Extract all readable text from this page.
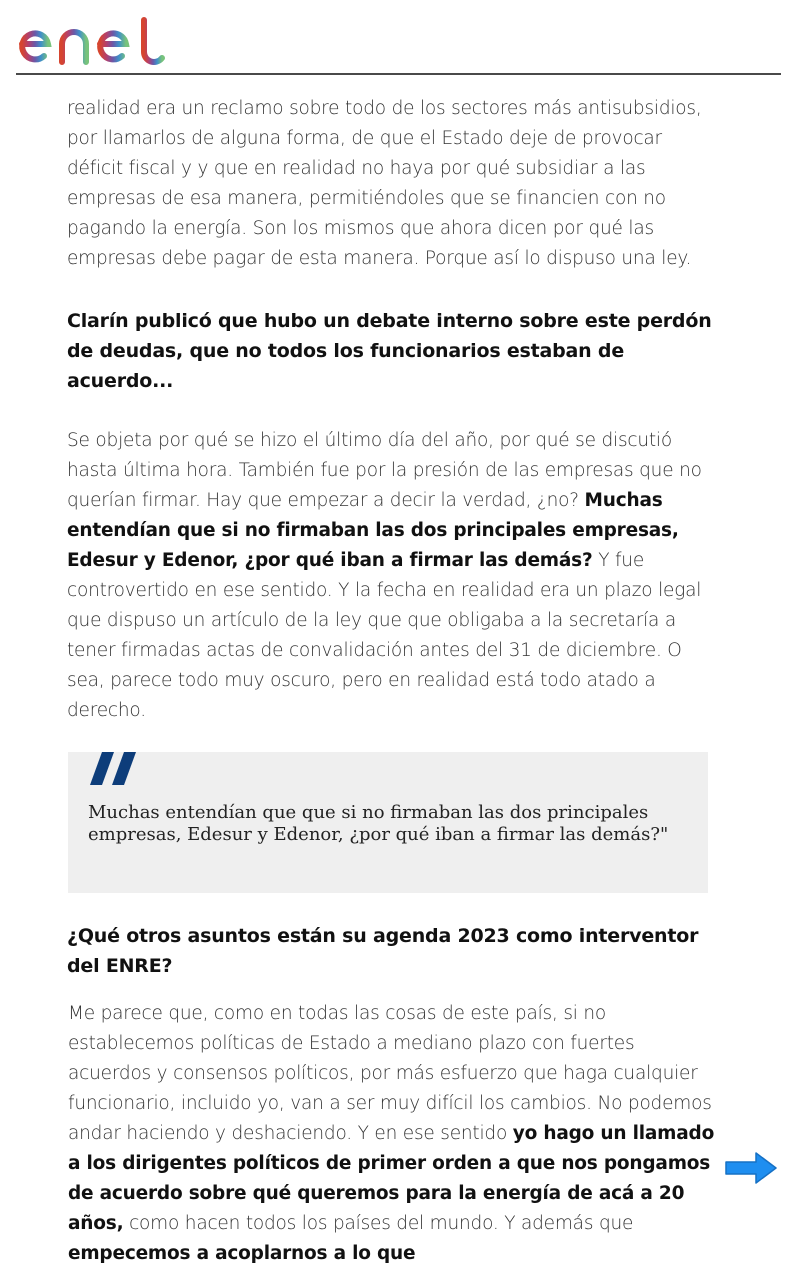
realidad era un reclamo sobre todo de los sectores más antisubsidios, por llamarlos de alguna forma, de que el Estado deje de provocar déficit fiscal y y que en realidad no haya por qué subsidiar a las empresas de esa manera, permitiéndoles que se financien con no pagando la energía. Son los mismos que ahora dicen por qué las empresas debe pagar de esta manera. Porque así lo dispuso una ley.

Clarín publicó que hubo un debate interno sobre este perdón de deudas, que no todos los funcionarios estaban de acuerdo...

Se objeta por qué se hizo el último día del año, por qué se discutió hasta última hora. También fue por la presión de las empresas que no querían firmar. Hay que empezar a decir la verdad, ¿no? Muchas entendían que si no firmaban las dos principales empresas, Edesur y Edenor, ¿por qué iban a firmar las demás? Y fue controvertido en ese sentido. Y la fecha en realidad era un plazo legal que dispuso un artículo de la ley que que obligaba a la secretaría a tener firmadas actas de convalidación antes del 31 de diciembre. O sea, parece todo muy oscuro, pero en realidad está todo atado a derecho.

Muchas entendían que que si no firmaban las dos principales empresas, Edesur y Edenor, ¿por qué iban a firmar las demás?"
¿Qué otros asuntos están su agenda 2023 como interventor del ENRE?

Me parece que, como en todas las cosas de este país, si no establecemos políticas de Estado a mediano plazo con fuertes acuerdos y consensos políticos, por más esfuerzo que haga cualquier funcionario, incluido yo, van a ser muy difícil los cambios. No podemos andar haciendo y deshaciendo. Y en ese sentido yo hago un llamado a los dirigentes políticos de primer orden a que nos pongamos de acuerdo sobre qué queremos para la energía de acá a 20 años, como hacen todos los países del mundo. Y además que empecemos a acoplarnos a lo que
